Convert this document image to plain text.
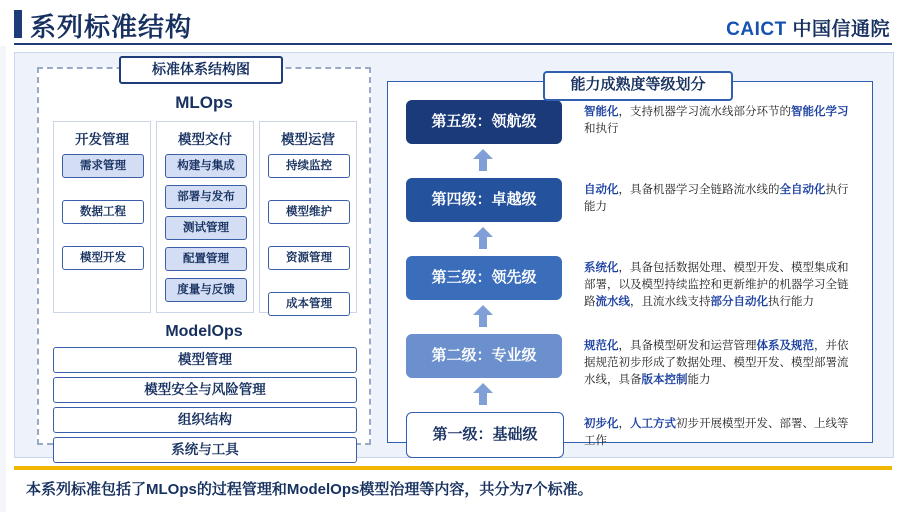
系列标准结构	CAICT 中国信通院
标准体系结构图
MLOps
开发管理
需求管理
数据工程
模型开发
模型交付
构建与集成
部署与发布
测试管理
配置管理
度量与反馈
模型运营
持续监控
模型维护
资源管理
成本管理
ModelOps
模型管理
模型安全与风险管理
组织结构
系统与工具
第五级：领航级
智能化，支持机器学习流水线部分环节的智能化学习和执行
第四级：卓越级
自动化，具备机器学习全链路流水线的全自动化执行能力
第三级：领先级
系统化，具备包括数据处理、模型开发、模型集成和部署，以及模型持续监控和更新维护的机器学习全链路流水线，且流水线支持部分自动化执行能力
第二级：专业级
规范化，具备模型研发和运营管理体系及规范，并依据规范初步形成了数据处理、模型开发、模型部署流水线，具备版本控制能力
第一级：基础级
初步化，人工方式初步开展模型开发、部署、上线等工作
能力成熟度等级划分
本系列标准包括了MLOps的过程管理和ModelOps模型治理等内容，共分为7个标准。
